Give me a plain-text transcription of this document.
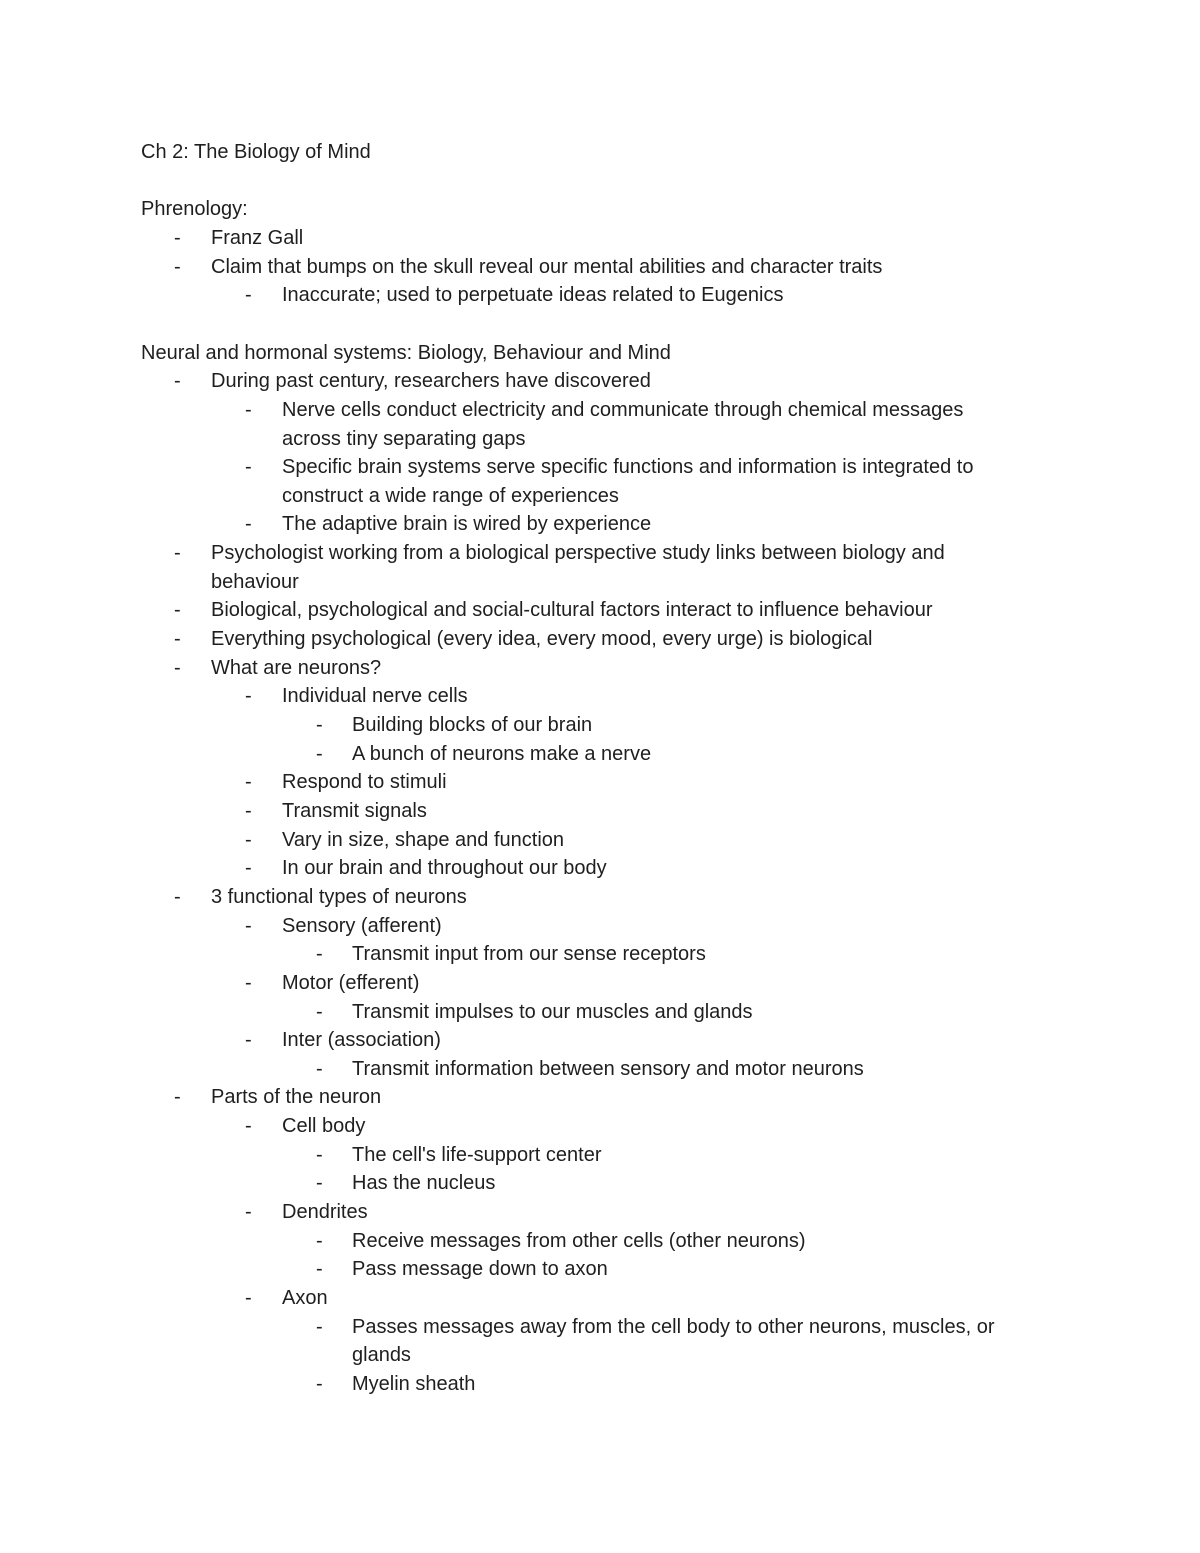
Ch 2: The Biology of Mind
Phrenology:
- Franz Gall
- Claim that bumps on the skull reveal our mental abilities and character traits
- Inaccurate; used to perpetuate ideas related to Eugenics
Neural and hormonal systems: Biology, Behaviour and Mind
- During past century, researchers have discovered
- Nerve cells conduct electricity and communicate through chemical messages
across tiny separating gaps
- Specific brain systems serve specific functions and information is integrated to
construct a wide range of experiences
- The adaptive brain is wired by experience
- Psychologist working from a biological perspective study links between biology and
behaviour
- Biological, psychological and social-cultural factors interact to influence behaviour
- Everything psychological (every idea, every mood, every urge) is biological
- What are neurons?
- Individual nerve cells
- Building blocks of our brain
- A bunch of neurons make a nerve
- Respond to stimuli
- Transmit signals
- Vary in size, shape and function
- In our brain and throughout our body
- 3 functional types of neurons
- Sensory (afferent)
- Transmit input from our sense receptors
- Motor (efferent)
- Transmit impulses to our muscles and glands
- Inter (association)
- Transmit information between sensory and motor neurons
- Parts of the neuron
- Cell body
- The cell's life-support center
- Has the nucleus
- Dendrites
- Receive messages from other cells (other neurons)
- Pass message down to axon
- Axon
- Passes messages away from the cell body to other neurons, muscles, or
glands
- Myelin sheath
